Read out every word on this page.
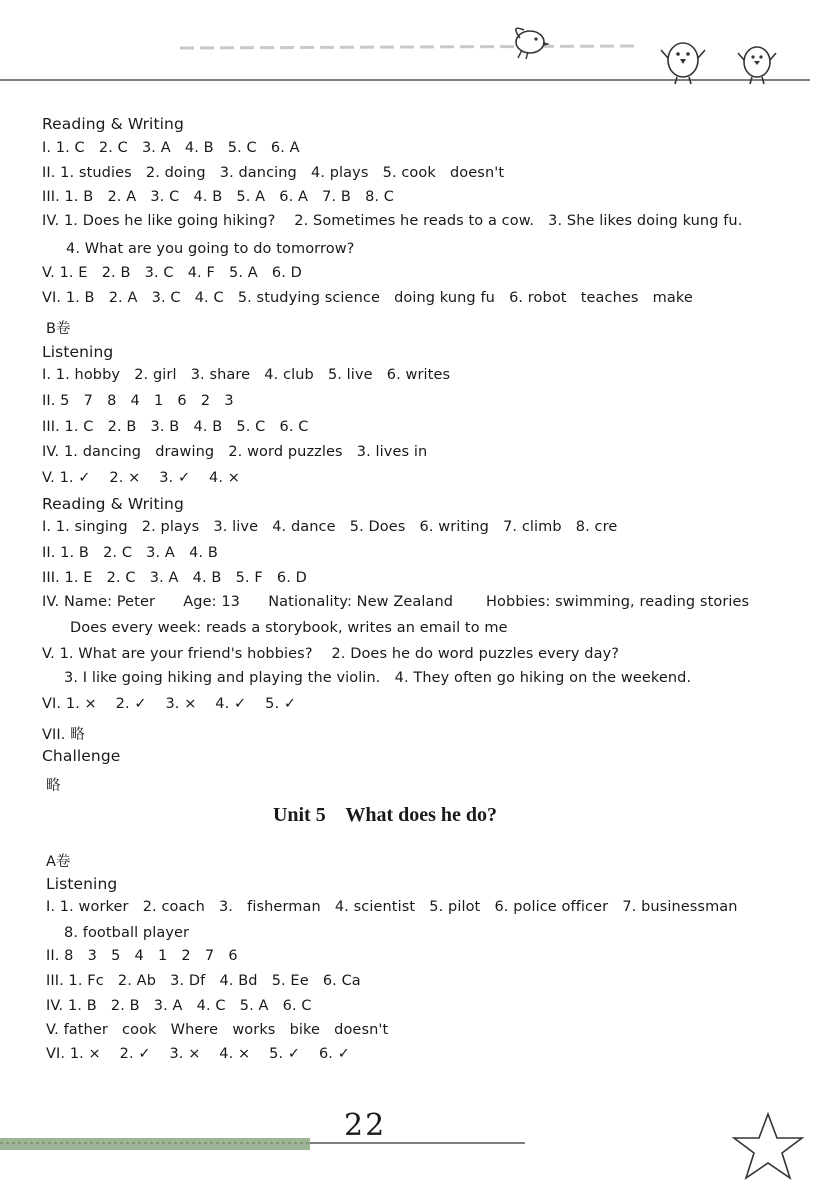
Reading & Writing
I. 1. C   2. C   3. A   4. B   5. C   6. A
II. 1. studies   2. doing   3. dancing   4. plays   5. cook   doesn't
III. 1. B   2. A   3. C   4. B   5. A   6. A   7. B   8. C
IV. 1. Does he like going hiking?    2. Sometimes he reads to a cow.   3. She likes doing kung fu.
4. What are you going to do tomorrow?
V. 1. E   2. B   3. C   4. F   5. A   6. D
VI. 1. B   2. A   3. C   4. C   5. studying science   doing kung fu   6. robot   teaches   make
B卷
Listening
I. 1. hobby   2. girl   3. share   4. club   5. live   6. writes
II. 5   7   8   4   1   6   2   3
III. 1. C   2. B   3. B   4. B   5. C   6. C
IV. 1. dancing   drawing   2. word puzzles   3. lives in
V. 1. ✓    2. ×    3. ✓    4. ×
Reading & Writing
I. 1. singing   2. plays   3. live   4. dance   5. Does   6. writing   7. climb   8. cre
II. 1. B   2. C   3. A   4. B
III. 1. E   2. C   3. A   4. B   5. F   6. D
IV. Name: Peter      Age: 13      Nationality: New Zealand       Hobbies: swimming, reading stories
Does every week: reads a storybook, writes an email to me
V. 1. What are your friend's hobbies?    2. Does he do word puzzles every day?
3. I like going hiking and playing the violin.   4. They often go hiking on the weekend.
VI. 1. ×    2. ✓    3. ×    4. ✓    5. ✓
VII. 略
Challenge
略
Unit 5    What does he do?
A卷
Listening
I. 1. worker   2. coach   3.   fisherman   4. scientist   5. pilot   6. police officer   7. businessman
8. football player
II. 8   3   5   4   1   2   7   6
III. 1. Fc   2. Ab   3. Df   4. Bd   5. Ee   6. Ca
IV. 1. B   2. B   3. A   4. C   5. A   6. C
V. father   cook   Where   works   bike   doesn't
VI. 1. ×    2. ✓    3. ×    4. ×    5. ✓    6. ✓
22
